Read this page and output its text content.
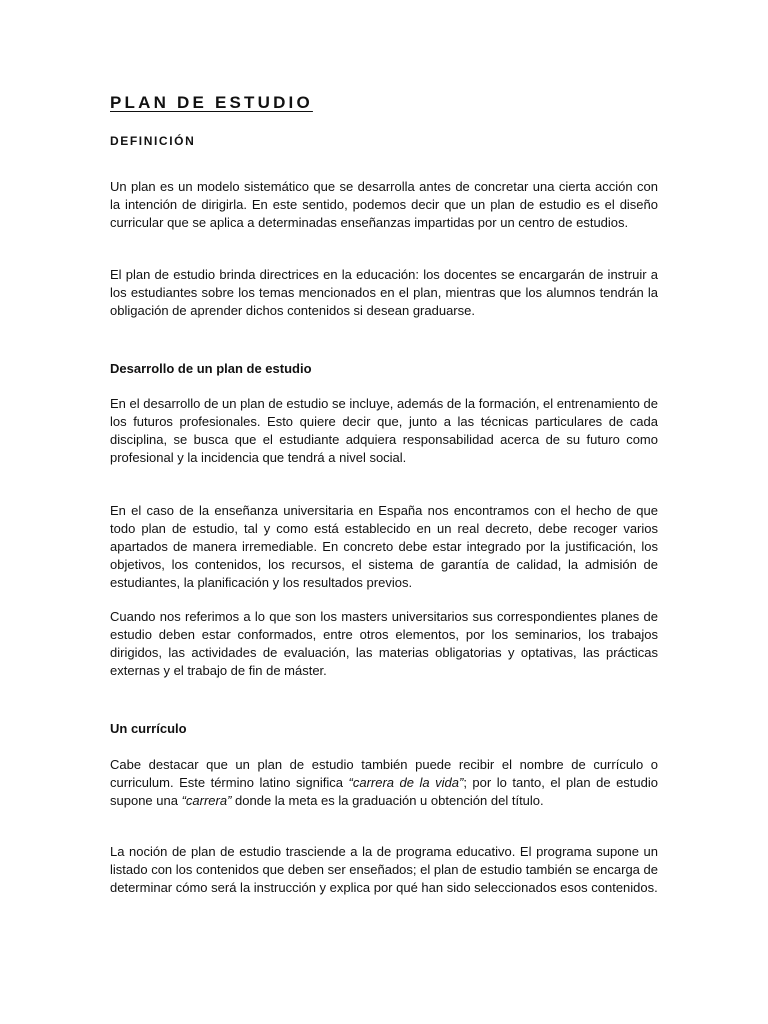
PLAN DE ESTUDIO
DEFINICIÓN

Un plan es un modelo sistemático que se desarrolla antes de concretar una cierta acción con la intención de dirigirla. En este sentido, podemos decir que un plan de estudio es el diseño curricular que se aplica a determinadas enseñanzas impartidas por un centro de estudios.

El plan de estudio brinda directrices en la educación: los docentes se encargarán de instruir a los estudiantes sobre los temas mencionados en el plan, mientras que los alumnos tendrán la obligación de aprender dichos contenidos si desean graduarse.

Desarrollo de un plan de estudio

En el desarrollo de un plan de estudio se incluye, además de la formación, el entrenamiento de los futuros profesionales. Esto quiere decir que, junto a las técnicas particulares de cada disciplina, se busca que el estudiante adquiera responsabilidad acerca de su futuro como profesional y la incidencia que tendrá a nivel social.

En el caso de la enseñanza universitaria en España nos encontramos con el hecho de que todo plan de estudio, tal y como está establecido en un real decreto, debe recoger varios apartados de manera irremediable. En concreto debe estar integrado por la justificación, los objetivos, los contenidos, los recursos, el sistema de garantía de calidad, la admisión de estudiantes, la planificación y los resultados previos.

Cuando nos referimos a lo que son los masters universitarios sus correspondientes planes de estudio deben estar conformados, entre otros elementos, por los seminarios, los trabajos dirigidos, las actividades de evaluación, las materias obligatorias y optativas, las prácticas externas y el trabajo de fin de máster.

Un currículo

Cabe destacar que un plan de estudio también puede recibir el nombre de currículo o curriculum. Este término latino significa “carrera de la vida”; por lo tanto, el plan de estudio supone una “carrera” donde la meta es la graduación u obtención del título.

La noción de plan de estudio trasciende a la de programa educativo. El programa supone un listado con los contenidos que deben ser enseñados; el plan de estudio también se encarga de determinar cómo será la instrucción y explica por qué han sido seleccionados esos contenidos.
